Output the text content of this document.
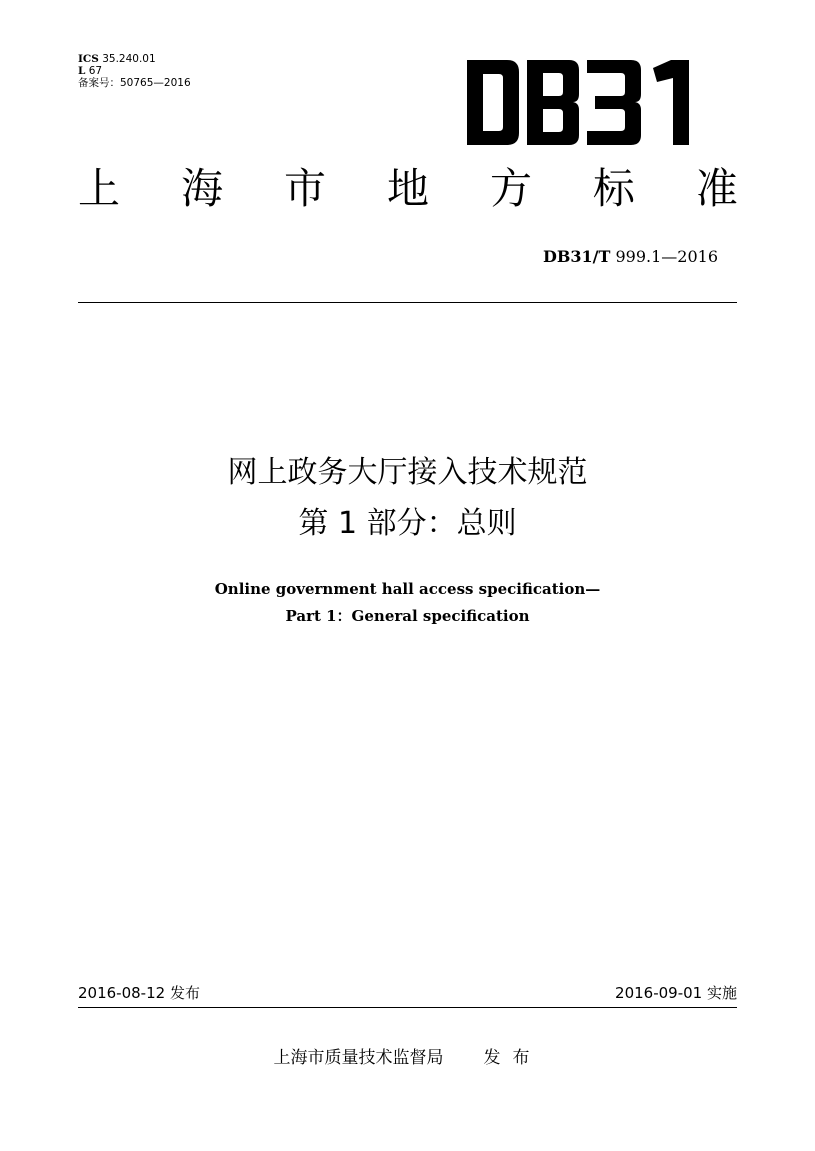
ICS 35.240.01
L 67
备案号：50765—2016
上 海 市 地 方 标 准
DB31/T 999.1—2016
网上政务大厅接入技术规范
第 1 部分：总则
Online government hall access specification—
Part 1：General specification
2016-08-12 发布	2016-09-01 实施
上海市质量技术监督局 发布
